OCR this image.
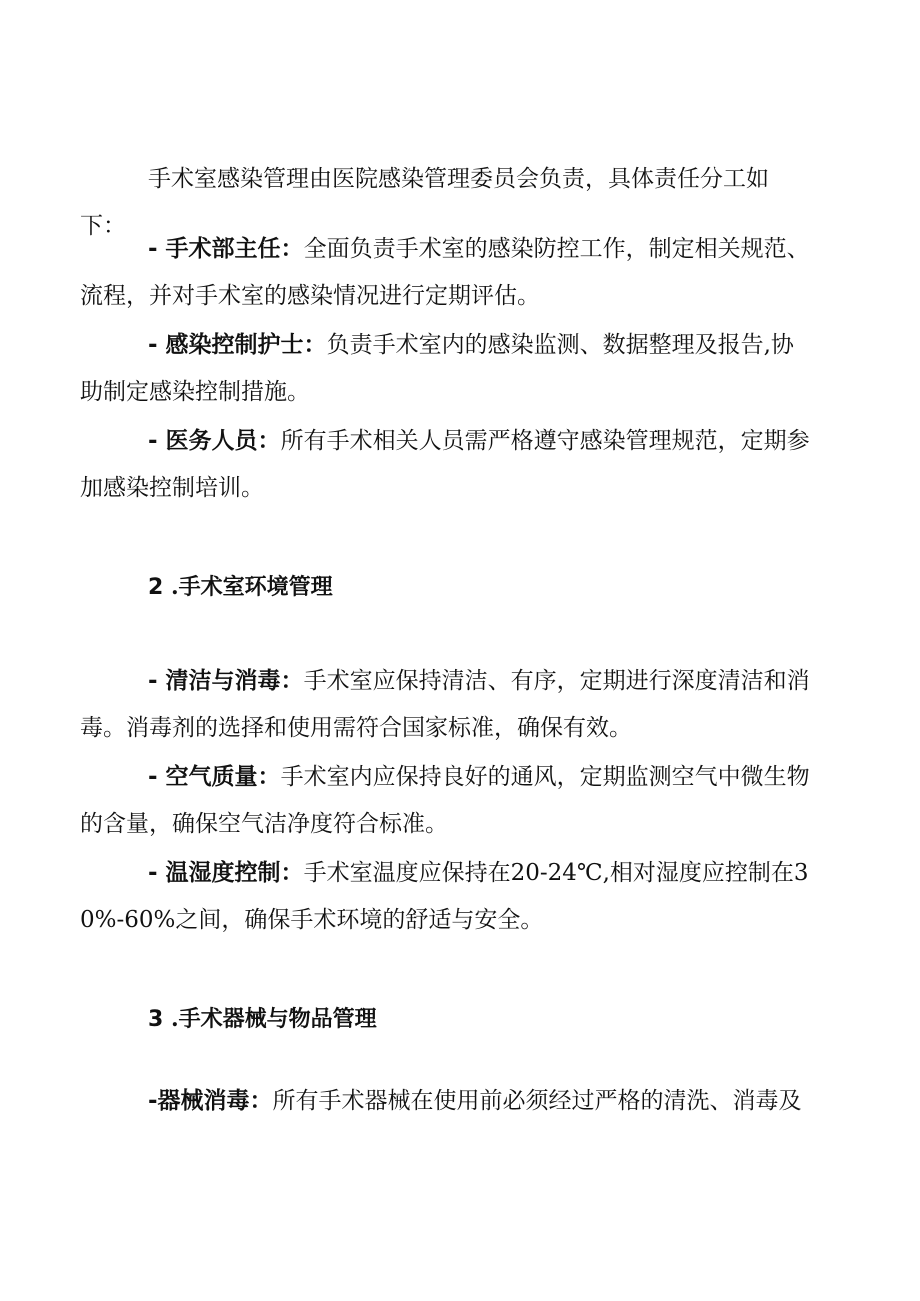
手术室感染管理由医院感染管理委员会负责，具体责任分工如下：

- 手术部主任：全面负责手术室的感染防控工作，制定相关规范、流程，并对手术室的感染情况进行定期评估。

- 感染控制护士：负责手术室内的感染监测、数据整理及报告,协助制定感染控制措施。

- 医务人员：所有手术相关人员需严格遵守感染管理规范，定期参加感染控制培训。

2 .手术室环境管理

- 清洁与消毒：手术室应保持清洁、有序，定期进行深度清洁和消毒。消毒剂的选择和使用需符合国家标准，确保有效。

- 空气质量：手术室内应保持良好的通风，定期监测空气中微生物的含量，确保空气洁净度符合标准。

- 温湿度控制：手术室温度应保持在20-24℃,相对湿度应控制在30%-60%之间，确保手术环境的舒适与安全。

3 .手术器械与物品管理

-器械消毒：所有手术器械在使用前必须经过严格的清洗、消毒及
